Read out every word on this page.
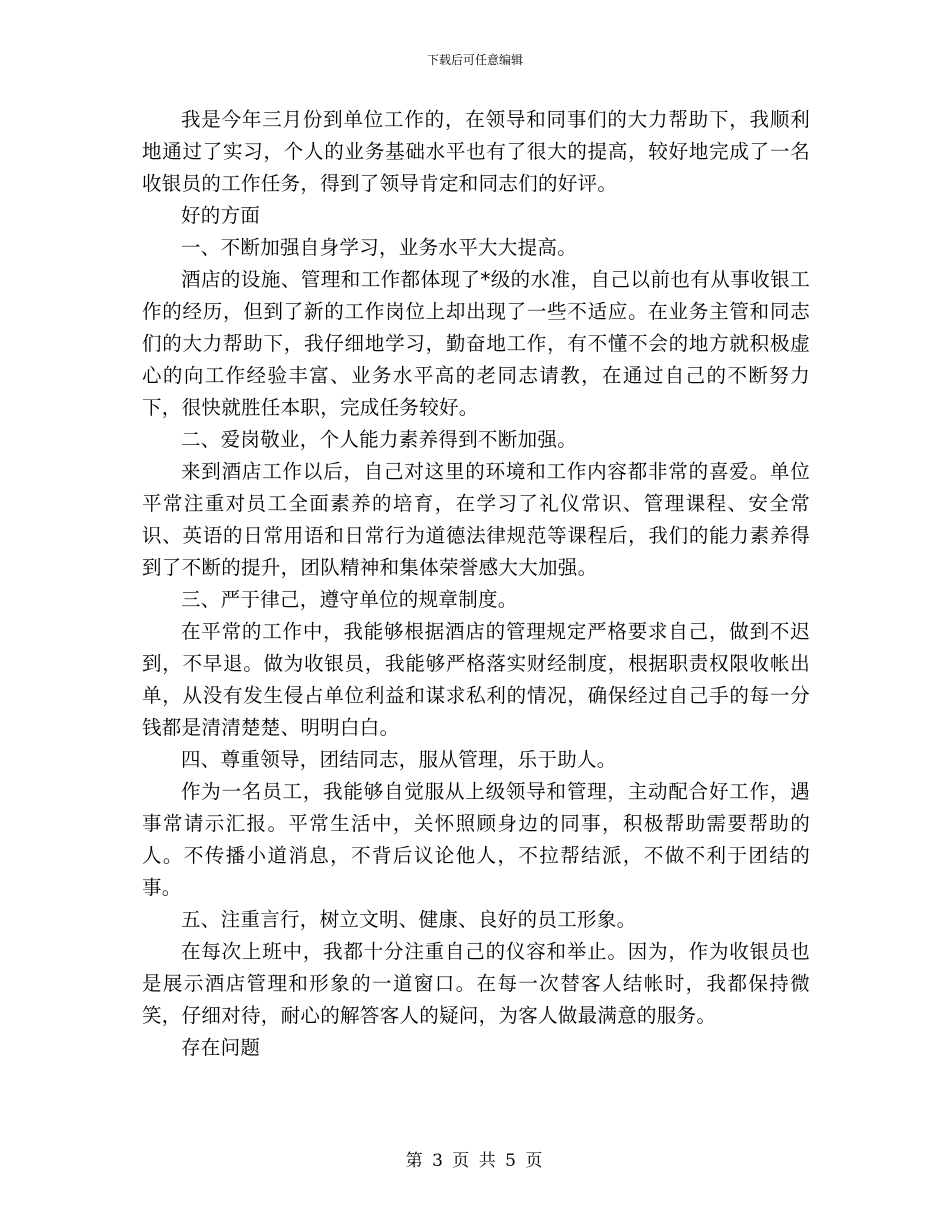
下载后可任意编辑

我是今年三月份到单位工作的，在领导和同事们的大力帮助下，我顺利地通过了实习，个人的业务基础水平也有了很大的提高，较好地完成了一名收银员的工作任务，得到了领导肯定和同志们的好评。

好的方面

一、不断加强自身学习，业务水平大大提高。

酒店的设施、管理和工作都体现了*级的水准，自己以前也有从事收银工作的经历，但到了新的工作岗位上却出现了一些不适应。在业务主管和同志们的大力帮助下，我仔细地学习，勤奋地工作，有不懂不会的地方就积极虚心的向工作经验丰富、业务水平高的老同志请教，在通过自己的不断努力下，很快就胜任本职，完成任务较好。

二、爱岗敬业，个人能力素养得到不断加强。

来到酒店工作以后，自己对这里的环境和工作内容都非常的喜爱。单位平常注重对员工全面素养的培育，在学习了礼仪常识、管理课程、安全常识、英语的日常用语和日常行为道德法律规范等课程后，我们的能力素养得到了不断的提升，团队精神和集体荣誉感大大加强。

三、严于律己，遵守单位的规章制度。

在平常的工作中，我能够根据酒店的管理规定严格要求自己，做到不迟到，不早退。做为收银员，我能够严格落实财经制度，根据职责权限收帐出单，从没有发生侵占单位利益和谋求私利的情况，确保经过自己手的每一分钱都是清清楚楚、明明白白。

四、尊重领导，团结同志，服从管理，乐于助人。

作为一名员工，我能够自觉服从上级领导和管理，主动配合好工作，遇事常请示汇报。平常生活中，关怀照顾身边的同事，积极帮助需要帮助的人。不传播小道消息，不背后议论他人，不拉帮结派，不做不利于团结的事。

五、注重言行，树立文明、健康、良好的员工形象。

在每次上班中，我都十分注重自己的仪容和举止。因为，作为收银员也是展示酒店管理和形象的一道窗口。在每一次替客人结帐时，我都保持微笑，仔细对待，耐心的解答客人的疑问，为客人做最满意的服务。

存在问题

第 3 页 共 5 页
